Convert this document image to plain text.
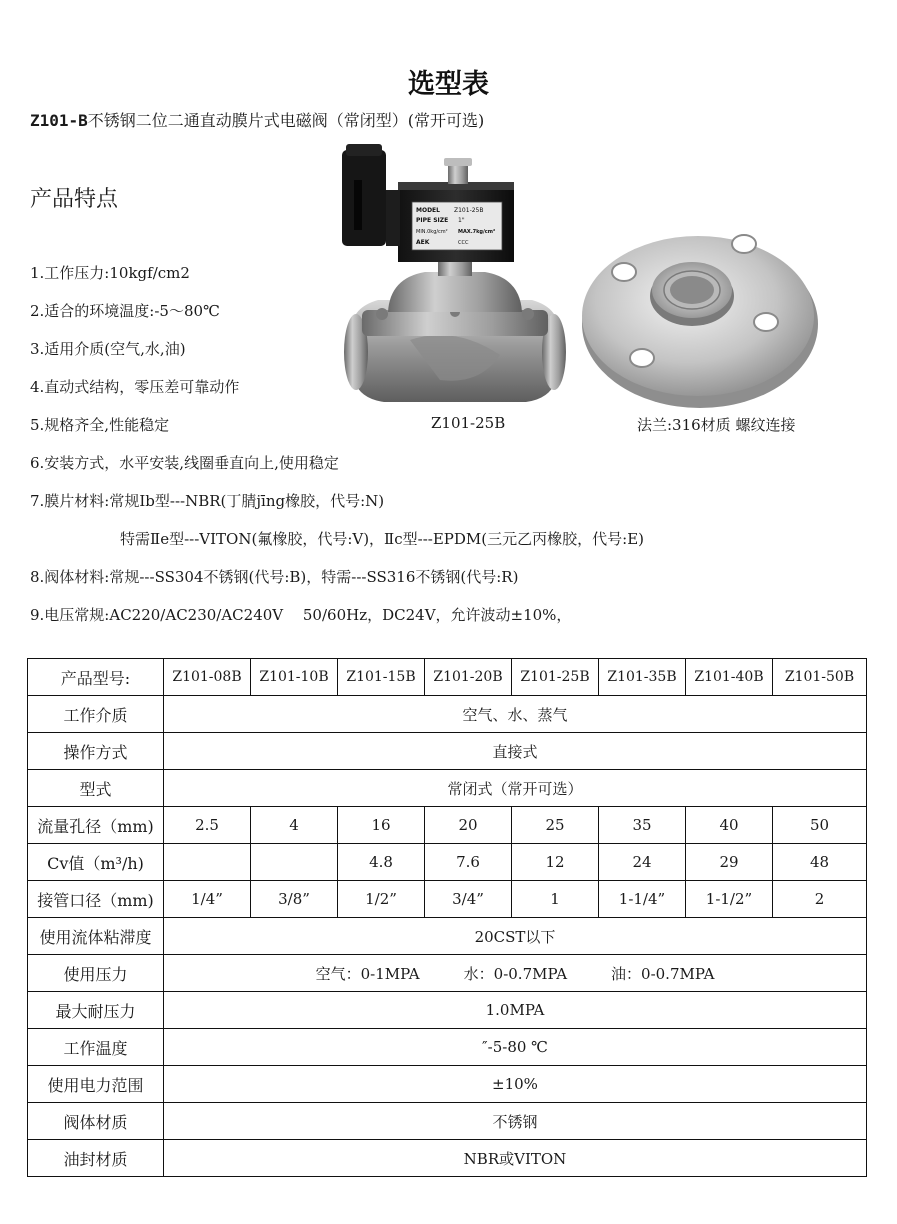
选型表
Z101-B不锈钢二位二通直动膜片式电磁阀（常闭型）(常开可选)
产品特点
1.工作压力:10kgf/cm2
2.适合的环境温度:-5～80℃
3.适用介质(空气,水,油)
4.直动式结构，零压差可靠动作
5.规格齐全,性能稳定
6.安装方式，水平安装,线圈垂直向上,使用稳定
7.膜片材料:常规Ib型---NBR(丁腈jīng橡胶，代号:N)
特需Ⅱe型---VITON(氟橡胶，代号:V)，Ⅱc型---EPDM(三元乙丙橡胶，代号:E)
8.阀体材料:常规---SS304不锈钢(代号:B)，特需---SS316不锈钢(代号:R)
9.电压常规:AC220/AC230/AC240V　 50/60Hz，DC24V，允许波动±10%，
MODEL Z101-25B
PIPE SIZE 1"
MIN.0kg/cm² MAX.7kg/cm²
AEK	CCC
Z101-25B	法兰:316材质 螺纹连接
产品型号:	Z101-08B	Z101-10B	Z101-15B	Z101-20B	Z101-25B	Z101-35B	Z101-40B	Z101-50B
工作介质	空气、水、蒸气							
操作方式	直接式							
型式	常闭式（常开可选）							
流量孔径（mm)	2.5	4	16	20	25	35	40	50
Cv值（m³/h)			4.8	7.6	12	24	29	48
接管口径（mm)	1/4”	3/8”	1/2”	3/4”	1	1-1/4”	1-1/2”	2
使用流体粘滞度	20CST以下							
使用压力	空气：0-1MPA 水：0-0.7MPA 油：0-0.7MPA							
最大耐压力	1.0MPA							
工作温度	″-5-80 ℃							
使用电力范围	±10%							
阀体材质	不锈钢							
油封材质	NBR或VITON							
